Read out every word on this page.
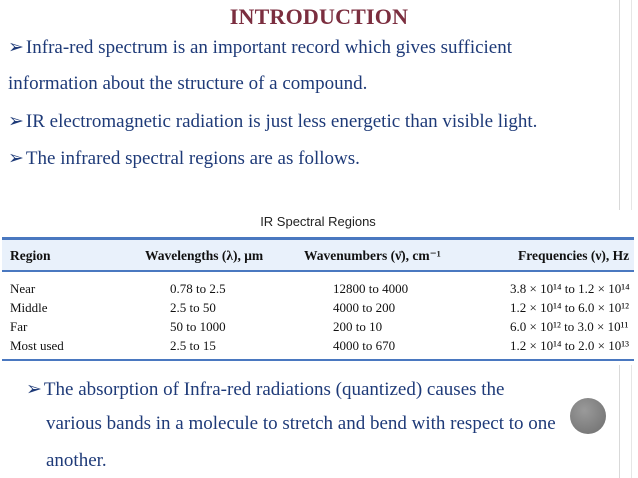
INTRODUCTION
➢ Infra-red spectrum is an important record which gives sufficient
information about the structure of a compound.
➢ IR electromagnetic radiation is just less energetic than visible light.
➢ The infrared spectral regions are as follows.
IR Spectral Regions
Region	Wavelengths (λ), μm	Wavenumbers (ν̄), cm⁻¹	Frequencies (ν), Hz
Near	0.78 to 2.5	12800 to 4000	3.8 × 10¹⁴ to 1.2 × 10¹⁴
Middle	2.5 to 50	4000 to 200	1.2 × 10¹⁴ to 6.0 × 10¹²
Far	50 to 1000	200 to 10	6.0 × 10¹² to 3.0 × 10¹¹
Most used	2.5 to 15	4000 to 670	1.2 × 10¹⁴ to 2.0 × 10¹³
➢ The absorption of Infra-red radiations (quantized) causes the
various bands in a molecule to stretch and bend with respect to one
another.
